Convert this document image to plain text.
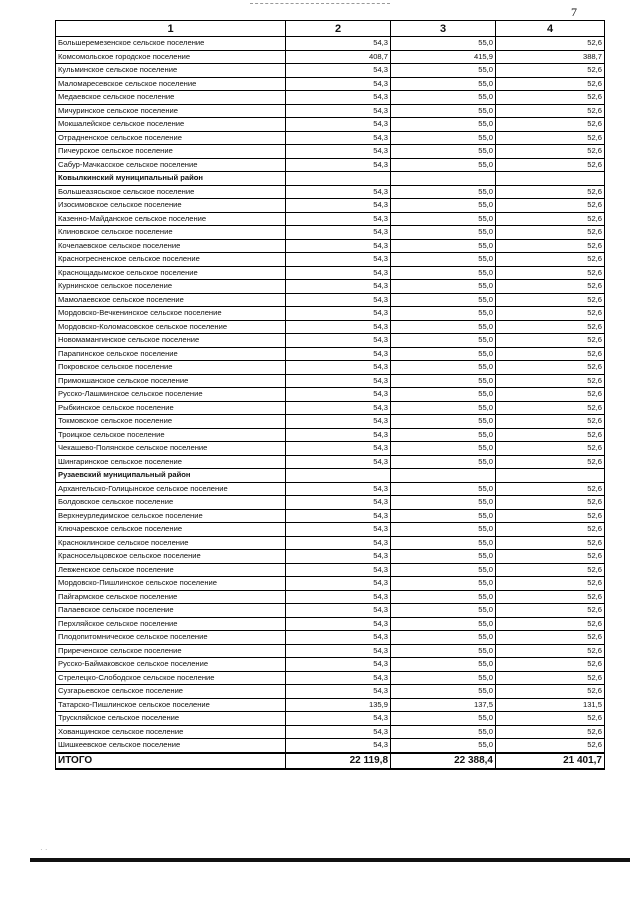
7
1	2	3	4
Большеремезенское сельское поселение	54,3	55,0	52,6
Комсомольское городское поселение	408,7	415,9	388,7
Кульминское сельское поселение	54,3	55,0	52,6
Маломаресевское сельское поселение	54,3	55,0	52,6
Медаевское сельское поселение	54,3	55,0	52,6
Мичуринское сельское поселение	54,3	55,0	52,6
Мокшалейское сельское поселение	54,3	55,0	52,6
Отрадненское сельское поселение	54,3	55,0	52,6
Пичеурское сельское поселение	54,3	55,0	52,6
Сабур-Мачкасское сельское поселение	54,3	55,0	52,6
Ковылкинский муниципальный район			
Большеазясьское сельское поселение	54,3	55,0	52,6
Изосимовское сельское поселение	54,3	55,0	52,6
Казенно-Майданское сельское поселение	54,3	55,0	52,6
Клиновское сельское поселение	54,3	55,0	52,6
Кочелаевское сельское поселение	54,3	55,0	52,6
Красногресненское сельское поселение	54,3	55,0	52,6
Краснощадымское сельское поселение	54,3	55,0	52,6
Курнинское сельское поселение	54,3	55,0	52,6
Мамолаевское сельское поселение	54,3	55,0	52,6
Мордовско-Вечкенинское сельское поселение	54,3	55,0	52,6
Мордовско-Коломасовское сельское поселение	54,3	55,0	52,6
Новомамангинское сельское поселение	54,3	55,0	52,6
Парапинское сельское поселение	54,3	55,0	52,6
Покровское сельское поселение	54,3	55,0	52,6
Примокшанское сельское поселение	54,3	55,0	52,6
Русско-Лашминское сельское поселение	54,3	55,0	52,6
Рыбкинское сельское поселение	54,3	55,0	52,6
Токмовское сельское поселение	54,3	55,0	52,6
Троицкое сельское поселение	54,3	55,0	52,6
Чекашево-Полянское сельское поселение	54,3	55,0	52,6
Шингаринское сельское поселение	54,3	55,0	52,6
Рузаевский муниципальный район			
Архангельско-Голицынское сельское поселение	54,3	55,0	52,6
Болдовское сельское поселение	54,3	55,0	52,6
Верхнеурледимское сельское поселение	54,3	55,0	52,6
Ключаревское сельское поселение	54,3	55,0	52,6
Красноклинское сельское поселение	54,3	55,0	52,6
Красносельцовское сельское поселение	54,3	55,0	52,6
Левженское сельское поселение	54,3	55,0	52,6
Мордовско-Пишлинское сельское поселение	54,3	55,0	52,6
Пайгармское сельское поселение	54,3	55,0	52,6
Палаевское сельское поселение	54,3	55,0	52,6
Перхляйское сельское поселение	54,3	55,0	52,6
Плодопитомническое сельское поселение	54,3	55,0	52,6
Приреченское сельское поселение	54,3	55,0	52,6
Русско-Баймаковское сельское поселение	54,3	55,0	52,6
Стрелецко-Слободское сельское поселение	54,3	55,0	52,6
Сузгарьевское сельское поселение	54,3	55,0	52,6
Татарско-Пишлинское сельское поселение	135,9	137,5	131,5
Трускляйское сельское поселение	54,3	55,0	52,6
Хованщинское сельское поселение	54,3	55,0	52,6
Шишкеевское сельское поселение	54,3	55,0	52,6
ИТОГО	22 119,8	22 388,4	21 401,7
· ·
